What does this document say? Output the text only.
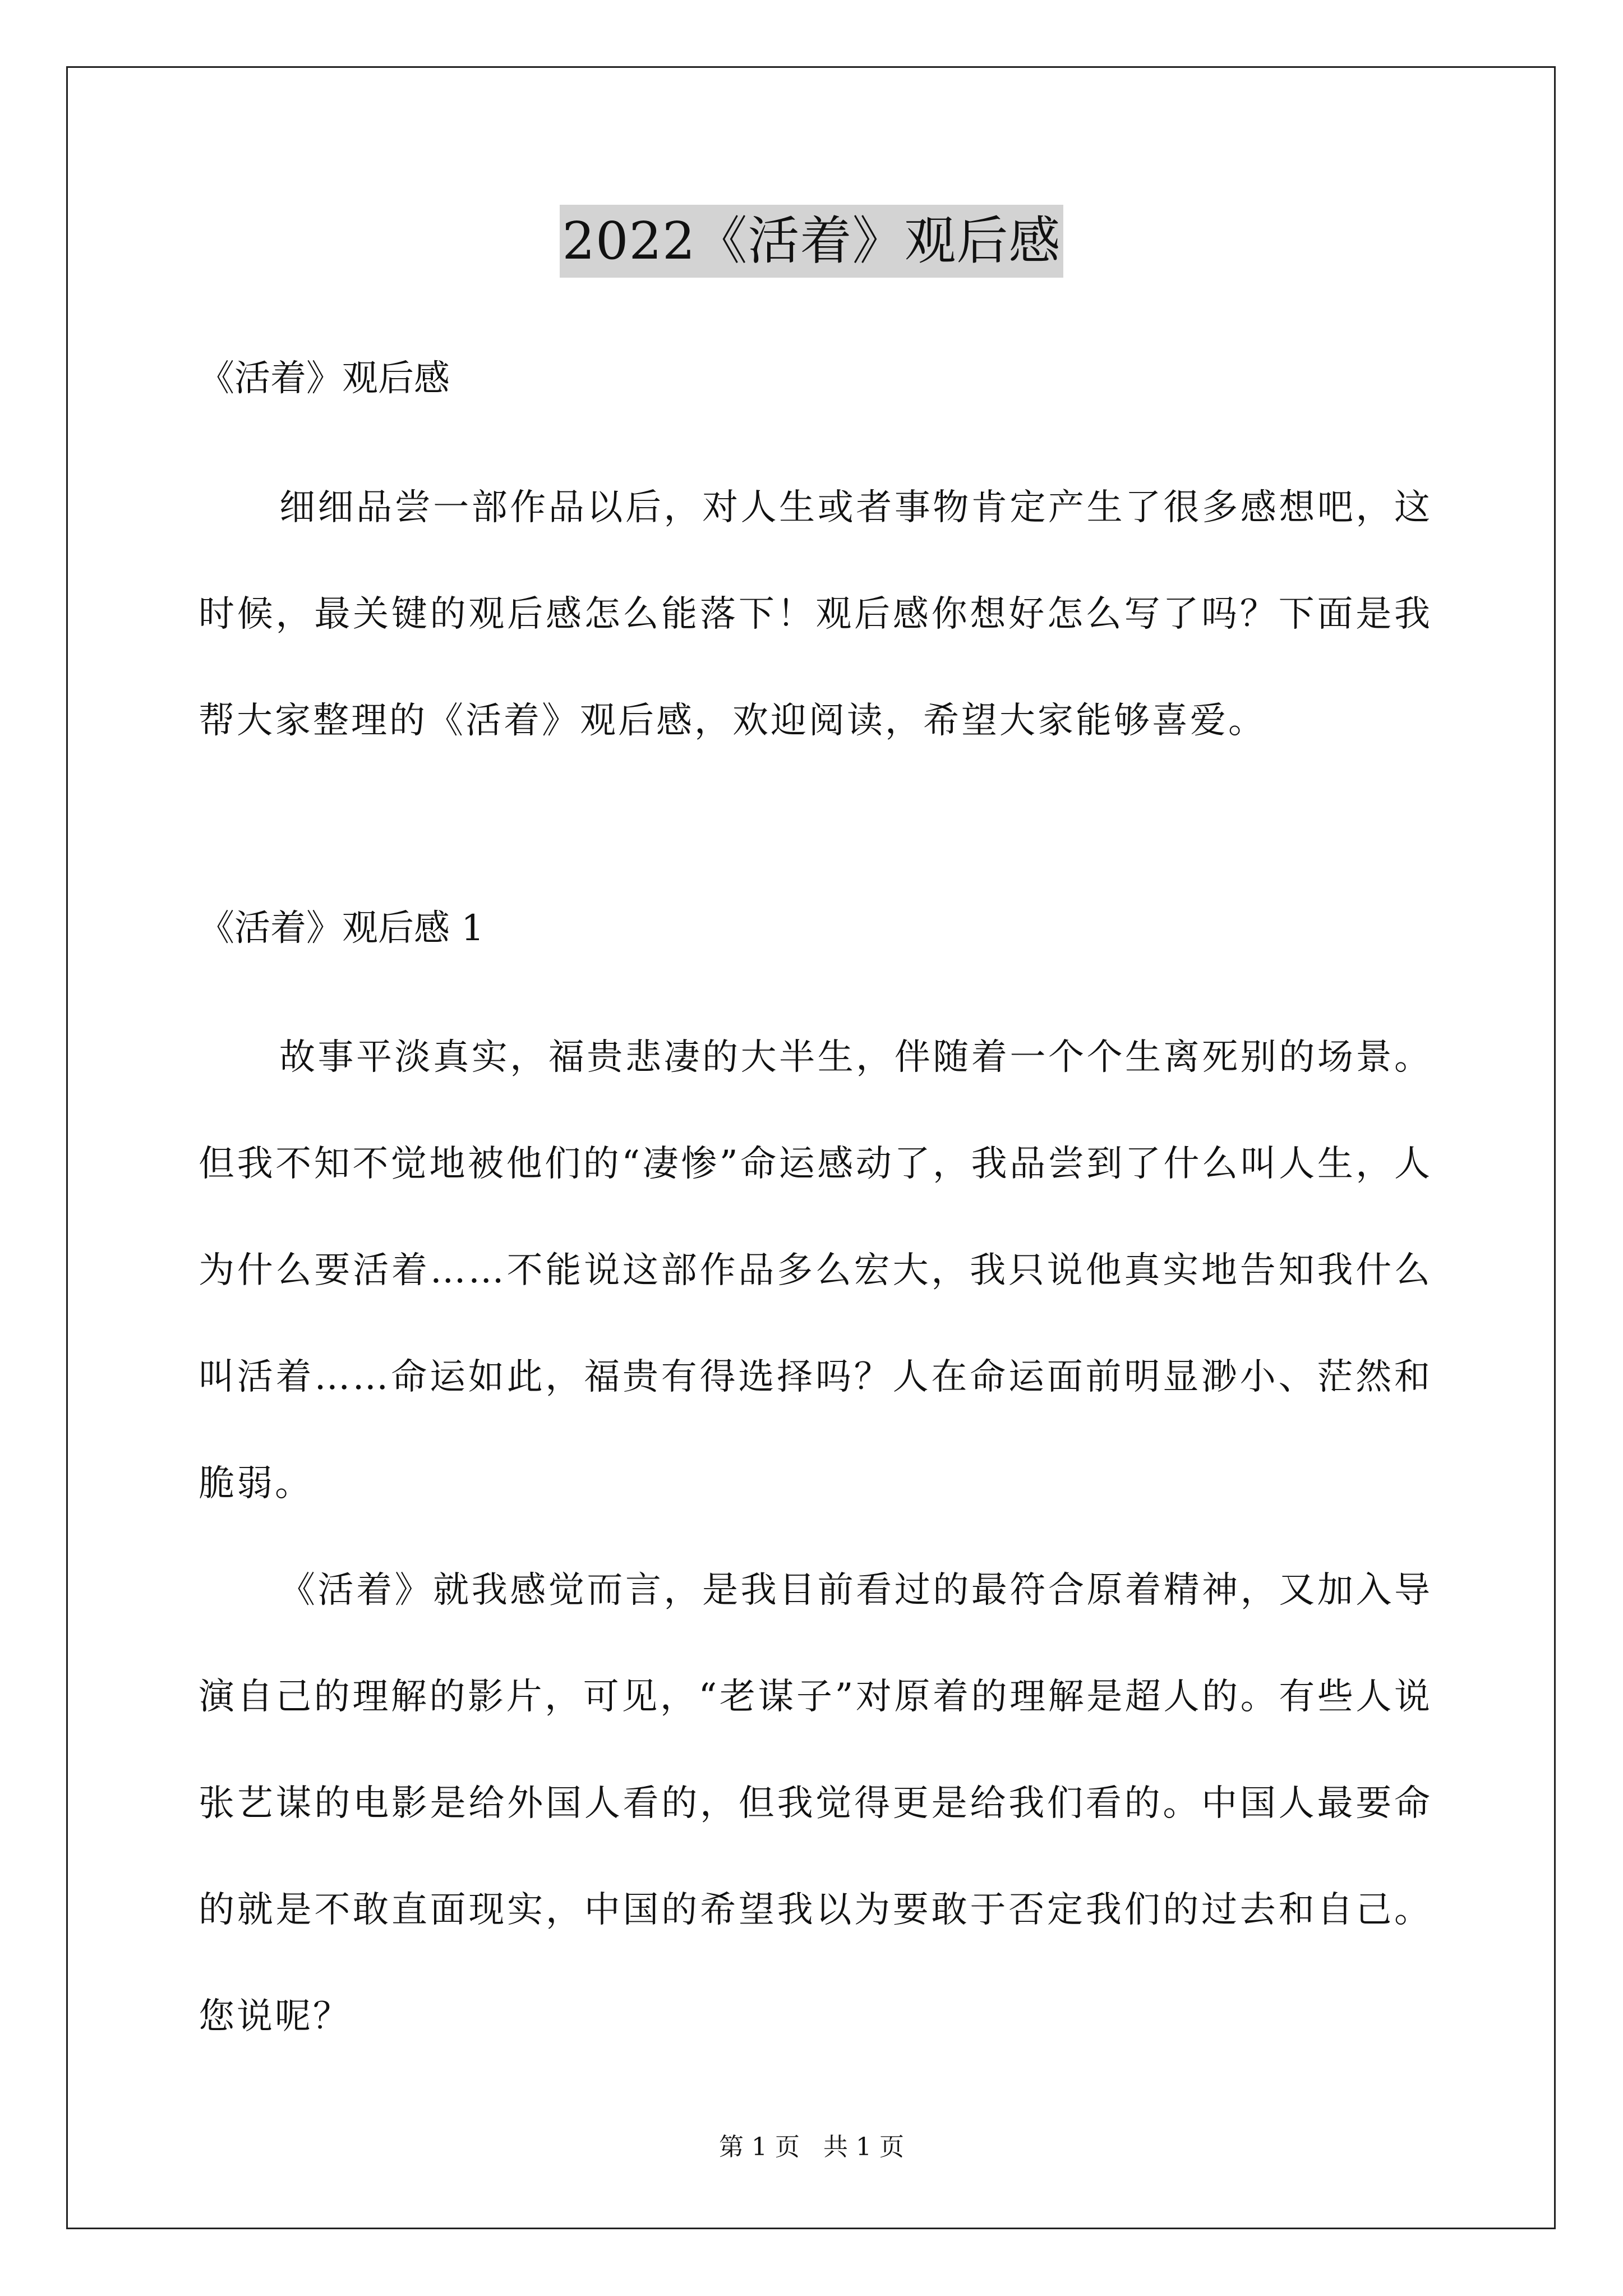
2022《活着》观后感

《活着》观后感

细细品尝一部作品以后，对人生或者事物肯定产生了很多感想吧，这时候，最关键的观后感怎么能落下！观后感你想好怎么写了吗？下面是我帮大家整理的《活着》观后感，欢迎阅读，希望大家能够喜爱。

《活着》观后感 1

故事平淡真实，福贵悲凄的大半生，伴随着一个个生离死别的场景。但我不知不觉地被他们的“凄惨”命运感动了，我品尝到了什么叫人生，人为什么要活着……不能说这部作品多么宏大，我只说他真实地告知我什么叫活着……命运如此，福贵有得选择吗？人在命运面前明显渺小、茫然和脆弱。

《活着》就我感觉而言，是我目前看过的最符合原着精神，又加入导演自己的理解的影片，可见，“老谋子”对原着的理解是超人的。有些人说张艺谋的电影是给外国人看的，但我觉得更是给我们看的。中国人最要命的就是不敢直面现实，中国的希望我以为要敢于否定我们的过去和自己。您说呢？

第 1 页   共 1 页
